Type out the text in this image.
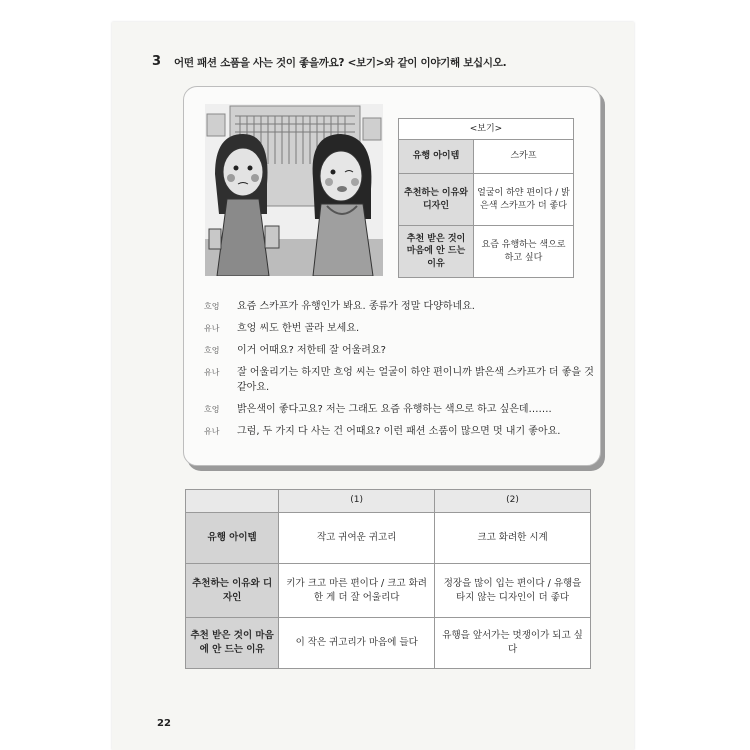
3 어떤 패션 소품을 사는 것이 좋을까요? <보기>와 같이 이야기해 보십시오.
<보기>	
유행 아이템	스카프
추천하는 이유와 디자인	얼굴이 하얀 편이다 / 밝은색 스카프가 더 좋다
추천 받은 것이 마음에 안 드는 이유	요즘 유행하는 색으로 하고 싶다
흐엉	요즘 스카프가 유행인가 봐요. 종류가 정말 다양하네요.
유나	흐엉 씨도 한번 골라 보세요.
흐엉	이거 어때요? 저한테 잘 어울려요?
유나	잘 어울리기는 하지만 흐엉 씨는 얼굴이 하얀 편이니까 밝은색 스카프가 더 좋을 것 같아요.
흐엉	밝은색이 좋다고요? 저는 그래도 요즘 유행하는 색으로 하고 싶은데…….
유나	그럼, 두 가지 다 사는 건 어때요? 이런 패션 소품이 많으면 멋 내기 좋아요.
	(1)	(2)
유행 아이템	작고 귀여운 귀고리	크고 화려한 시계
추천하는 이유와 디자인	키가 크고 마른 편이다 / 크고 화려한 게 더 잘 어울리다	정장을 많이 입는 편이다 / 유행을 타지 않는 디자인이 더 좋다
추천 받은 것이 마음에 안 드는 이유	이 작은 귀고리가 마음에 들다	유행을 앞서가는 멋쟁이가 되고 싶다
22
